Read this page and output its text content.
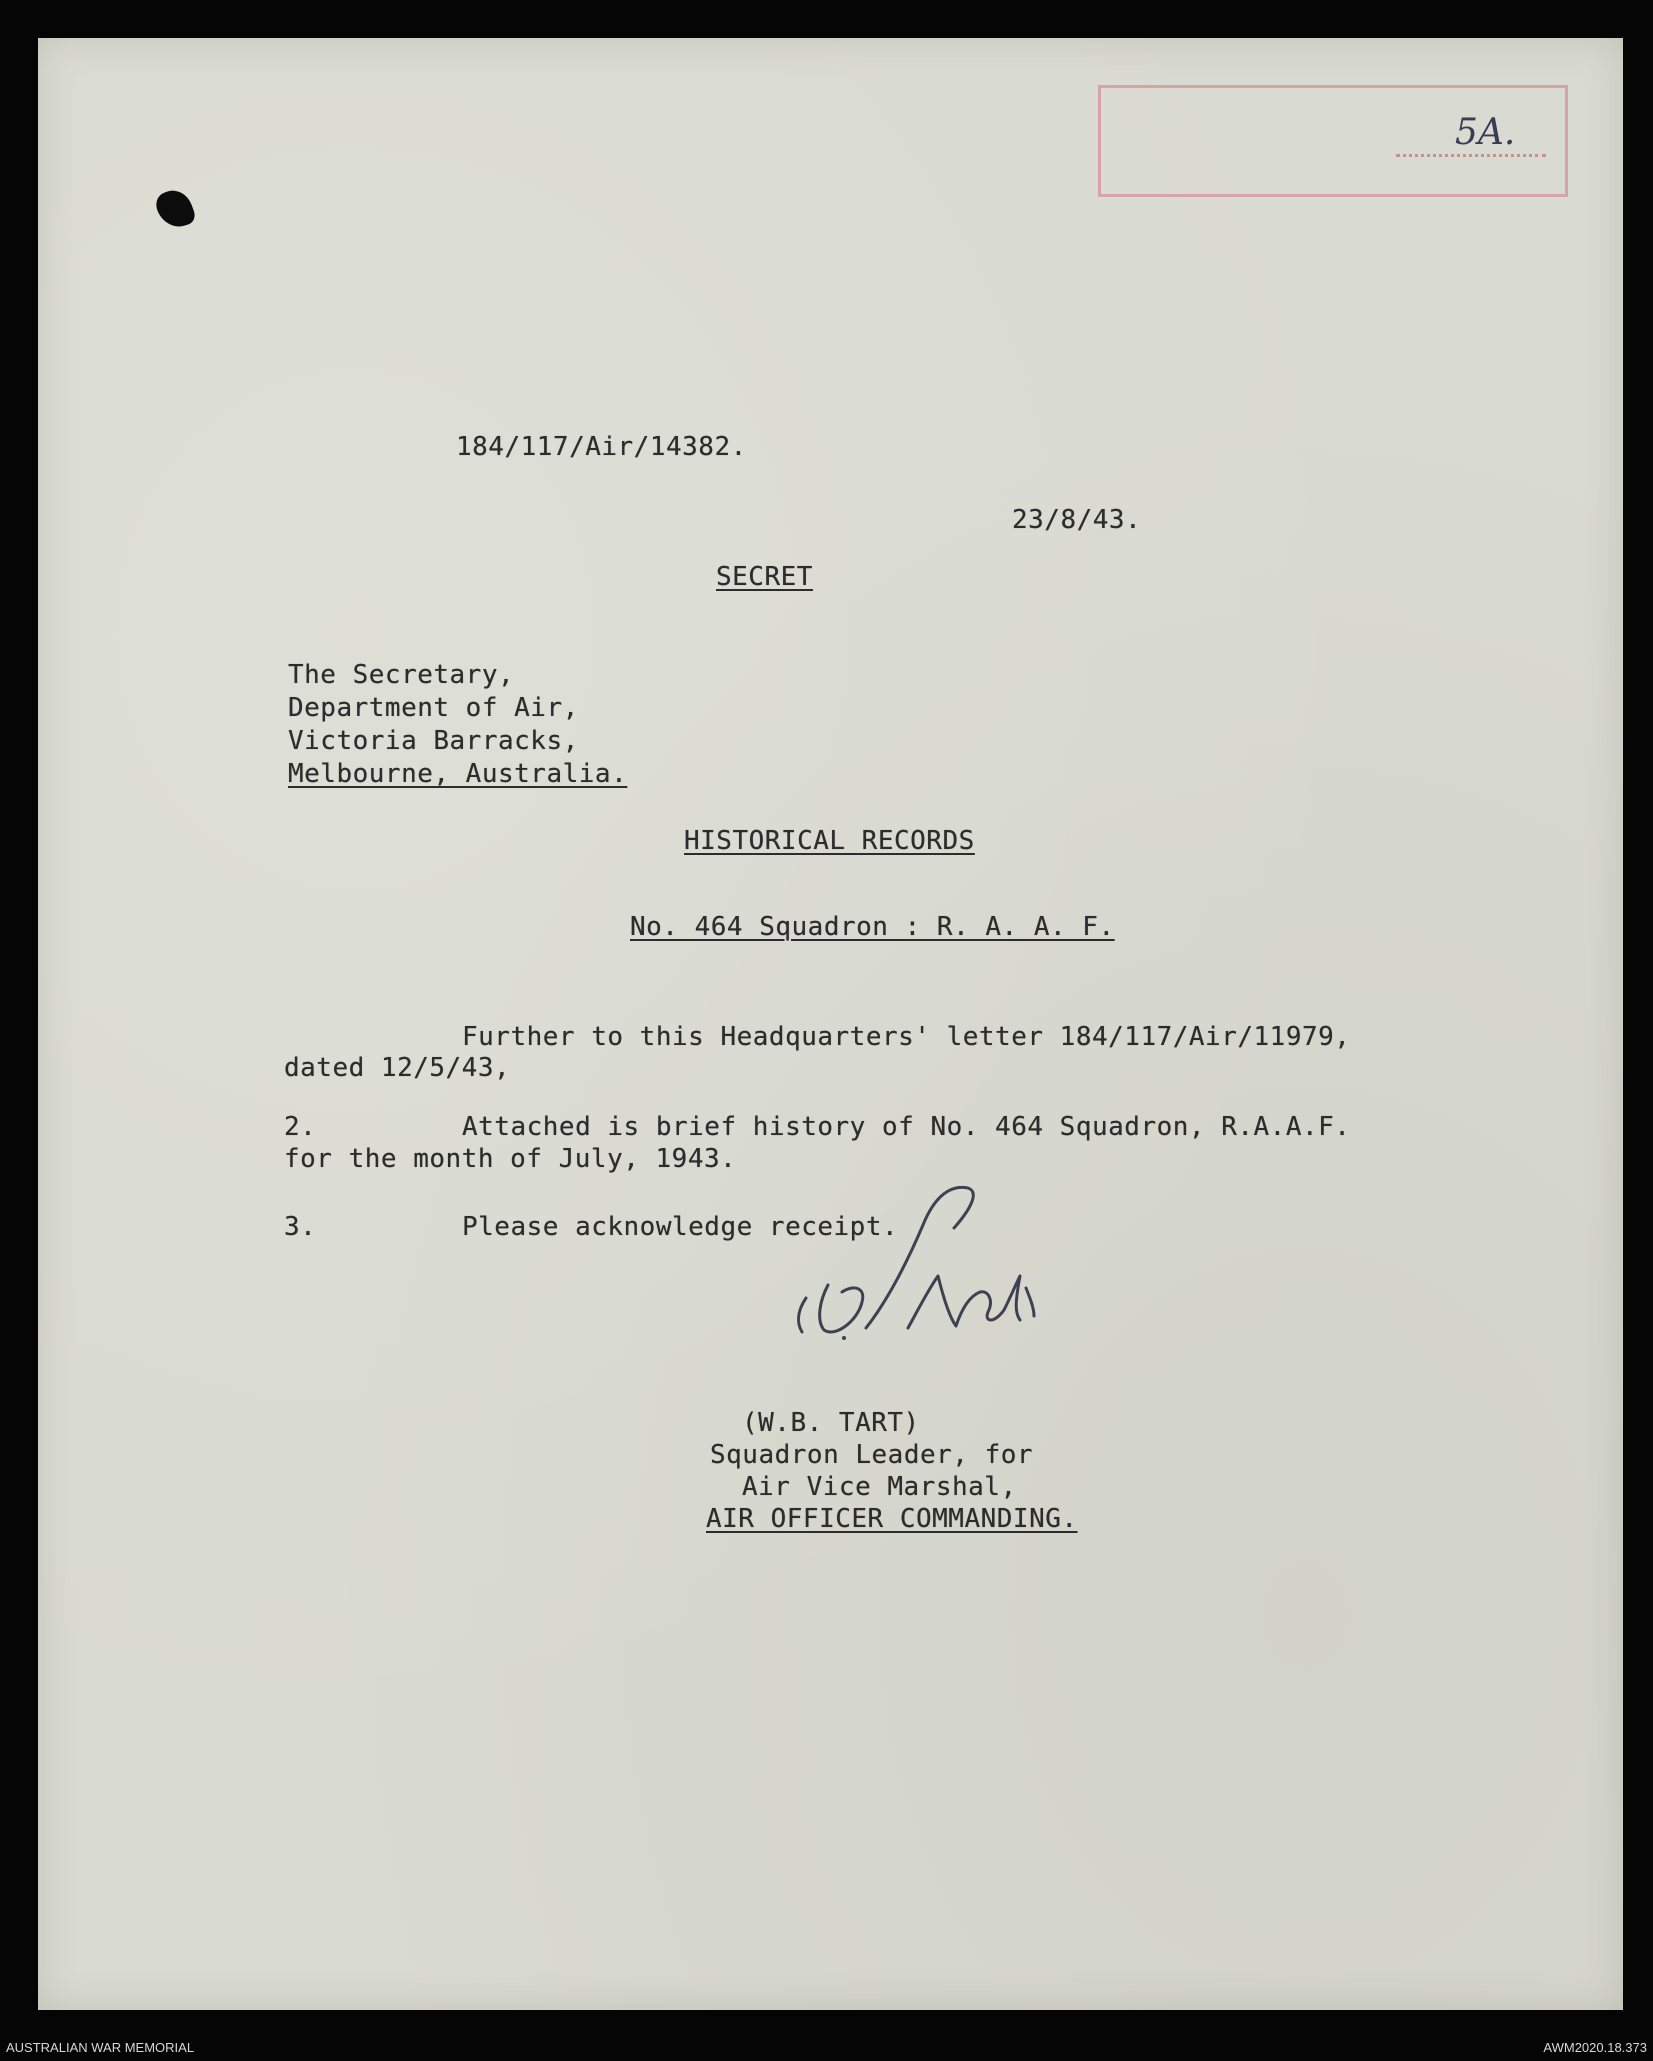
5A.
184/117/Air/14382.
23/8/43.
SECRET
The Secretary,
Department of Air,
Victoria Barracks,
Melbourne, Australia.
HISTORICAL RECORDS
No. 464 Squadron : R. A. A. F.
Further to this Headquarters' letter 184/117/Air/11979,
dated 12/5/43,
2.	Attached is brief history of No. 464 Squadron, R.A.A.F.
for the month of July, 1943.
3.	Please acknowledge receipt.
(W.B. TART)
Squadron Leader, for
Air Vice Marshal,
AIR OFFICER COMMANDING.
AUSTRALIAN WAR MEMORIAL	AWM2020.18.373
